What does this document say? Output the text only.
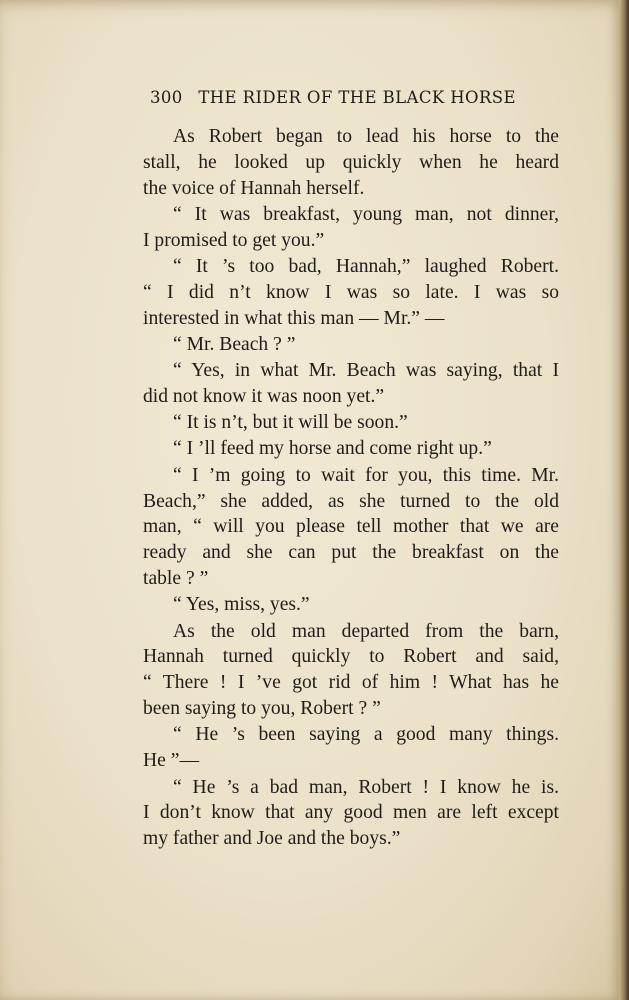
300 THE RIDER OF THE BLACK HORSE
As Robert began to lead his horse to the
stall, he looked up quickly when he heard
the voice of Hannah herself.
“ It was breakfast, young man, not dinner,
I promised to get you.”
“ It ’s too bad, Hannah,” laughed Robert.
“ I did n’t know I was so late. I was so
interested in what this man — Mr.” —
“ Mr. Beach ? ”
“ Yes, in what Mr. Beach was saying, that I
did not know it was noon yet.”
“ It is n’t, but it will be soon.”
“ I ’ll feed my horse and come right up.”
“ I ’m going to wait for you, this time. Mr.
Beach,” she added, as she turned to the old
man, “ will you please tell mother that we are
ready and she can put the breakfast on the
table ? ”
“ Yes, miss, yes.”
As the old man departed from the barn,
Hannah turned quickly to Robert and said,
“ There ! I ’ve got rid of him ! What has he
been saying to you, Robert ? ”
“ He ’s been saying a good many things.
He ”—
“ He ’s a bad man, Robert ! I know he is.
I don’t know that any good men are left except
my father and Joe and the boys.”
